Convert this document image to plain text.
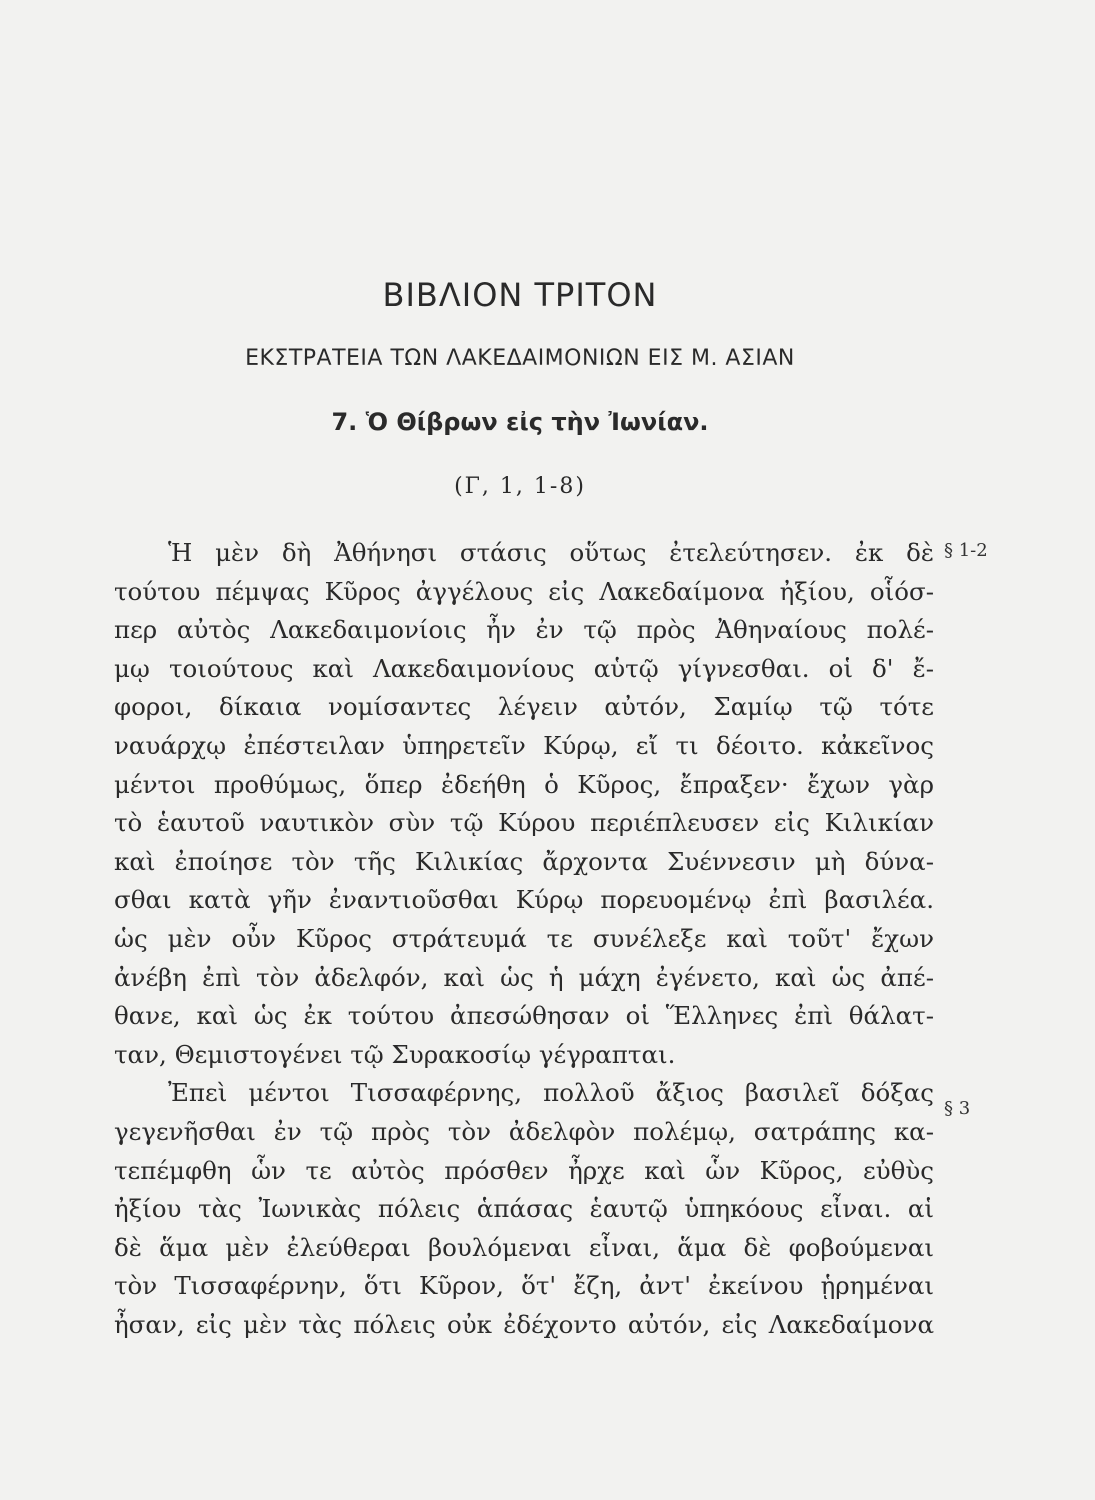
ΒΙΒΛΙΟΝ ΤΡΙΤΟΝ
ΕΚΣΤΡΑΤΕΙΑ ΤΩΝ ΛΑΚΕΔΑΙΜΟΝΙΩΝ ΕΙΣ Μ. ΑΣΙΑΝ
7. Ὁ Θίβρων εἰς τὴν Ἰωνίαν.
(Γ, 1, 1-8)
Ἡ μὲν δὴ Ἀθήνησι στάσις οὕτως ἐτελεύτησεν. ἐκ δὲ
τούτου πέμψας Κῦρος ἀγγέλους εἰς Λακεδαίμονα ἠξίου, οἷόσ-
περ αὐτὸς Λακεδαιμονίοις ἦν ἐν τῷ πρὸς Ἀθηναίους πολέ-
μῳ τοιούτους καὶ Λακεδαιμονίους αὑτῷ γίγνεσθαι. οἱ δ' ἔ-
φοροι, δίκαια νομίσαντες λέγειν αὐτόν, Σαμίῳ τῷ τότε
ναυάρχῳ ἐπέστειλαν ὑπηρετεῖν Κύρῳ, εἴ τι δέοιτο. κἀκεῖνος
μέντοι προθύμως, ὅπερ ἐδεήθη ὁ Κῦρος, ἔπραξεν· ἔχων γὰρ
τὸ ἑαυτοῦ ναυτικὸν σὺν τῷ Κύρου περιέπλευσεν εἰς Κιλικίαν
καὶ ἐποίησε τὸν τῆς Κιλικίας ἄρχοντα Συέννεσιν μὴ δύνα-
σθαι κατὰ γῆν ἐναντιοῦσθαι Κύρῳ πορευομένῳ ἐπὶ βασιλέα.
ὡς μὲν οὖν Κῦρος στράτευμά τε συνέλεξε καὶ τοῦτ' ἔχων
ἀνέβη ἐπὶ τὸν ἀδελφόν, καὶ ὡς ἡ μάχη ἐγένετο, καὶ ὡς ἀπέ-
θανε, καὶ ὡς ἐκ τούτου ἀπεσώθησαν οἱ Ἕλληνες ἐπὶ θάλατ-
ταν, Θεμιστογένει τῷ Συρακοσίῳ γέγραπται.
Ἐπεὶ μέντοι Τισσαφέρνης, πολλοῦ ἄξιος βασιλεῖ δόξας
γεγενῆσθαι ἐν τῷ πρὸς τὸν ἀδελφὸν πολέμῳ, σατράπης κα-
τεπέμφθη ὧν τε αὐτὸς πρόσθεν ἦρχε καὶ ὧν Κῦρος, εὐθὺς
ἠξίου τὰς Ἰωνικὰς πόλεις ἁπάσας ἑαυτῷ ὑπηκόους εἶναι. αἱ
δὲ ἅμα μὲν ἐλεύθεραι βουλόμεναι εἶναι, ἅμα δὲ φοβούμεναι
τὸν Τισσαφέρνην, ὅτι Κῦρον, ὅτ' ἔζη, ἀντ' ἐκείνου ᾑρημέναι
ἦσαν, εἰς μὲν τὰς πόλεις οὐκ ἐδέχοντο αὐτόν, εἰς Λακεδαίμονα
§ 1-2
§ 3
